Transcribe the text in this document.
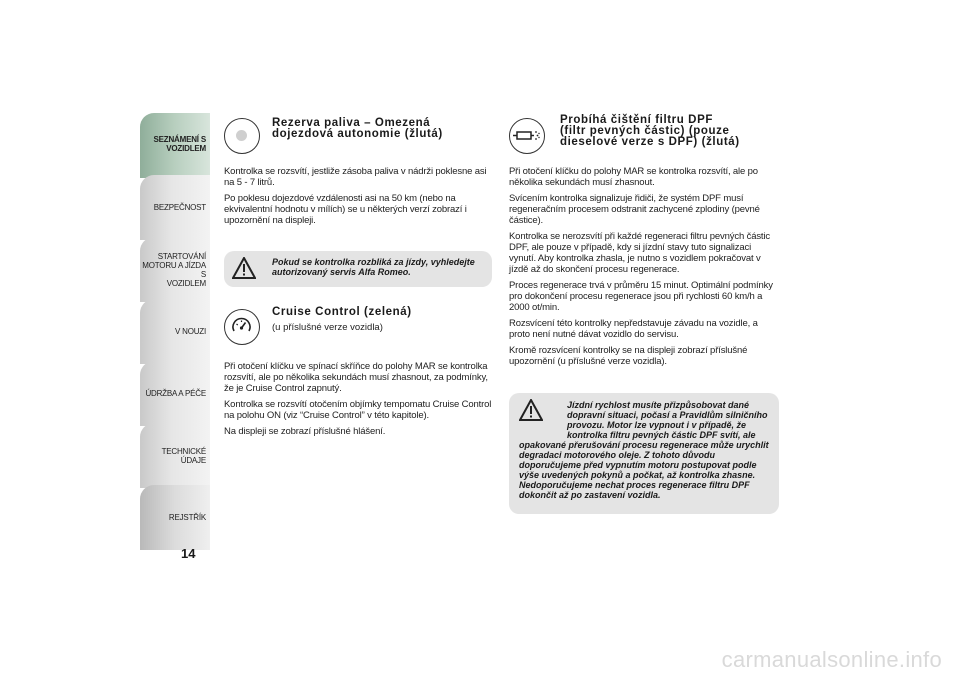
SEZNÁMENÍ S
VOZIDLEM
BEZPEČNOST
STARTOVÁNÍ
MOTORU A JÍZDA S
VOZIDLEM
V NOUZI
ÚDRŽBA A PÉČE
TECHNICKÉ ÚDAJE
REJSTŘÍK
14
Rezerva paliva – Omezená
dojezdová autonomie (žlutá)

Kontrolka se rozsvítí, jestliže zásoba paliva v nádrži poklesne asi na 5 - 7 litrů.

Po poklesu dojezdové vzdálenosti asi na 50 km (nebo na ekvivalentní hodnotu v mílích) se u některých verzí zobrazí i upozornění na displeji.

Pokud se kontrolka rozbliká za jízdy, vyhledejte autorizovaný servis Alfa Romeo.
Cruise Control (zelená)
(u příslušné verze vozidla)

Při otočení klíčku ve spínací skříňce do polohy MAR se kontrolka rozsvítí, ale po několika sekundách musí zhasnout, za podmínky, že je Cruise Control zapnutý.

Kontrolka se rozsvítí otočením objímky tempomatu Cruise Control na polohu ON (viz “Cruise Control” v této kapitole).

Na displeji se zobrazí příslušné hlášení.

Probíhá čištění filtru DPF
(filtr pevných částic) (pouze
dieselové verze s DPF) (žlutá)

Při otočení klíčku do polohy MAR se kontrolka rozsvítí, ale po několika sekundách musí zhasnout.

Svícením kontrolka signalizuje řidiči, že systém DPF musí regeneračním procesem odstranit zachycené zplodiny (pevné částice).

Kontrolka se nerozsvítí při každé regeneraci filtru pevných částic DPF, ale pouze v případě, kdy si jízdní stavy tuto signalizaci vynutí. Aby kontrolka zhasla, je nutno s vozidlem pokračovat v jízdě až do skončení procesu regenerace.

Proces regenerace trvá v průměru 15 minut. Optimální podmínky pro dokončení procesu regenerace jsou při rychlosti 60 km/h a 2000 ot/min.

Rozsvícení této kontrolky nepředstavuje závadu na vozidle, a proto není nutné dávat vozidlo do servisu.

Kromě rozsvícení kontrolky se na displeji zobrazí příslušné upozornění (u příslušné verze vozidla).

Jízdní rychlost musíte přizpůsobovat dané dopravní situaci, počasí a Pravidlům silničního provozu. Motor lze vypnout i v případě, že kontrolka filtru pevných částic DPF svítí, ale opakované přerušování procesu regenerace může urychlit degradaci motorového oleje. Z tohoto důvodu doporučujeme před vypnutím motoru postupovat podle výše uvedených pokynů a počkat, až kontrolka zhasne. Nedoporučujeme nechat proces regenerace filtru DPF dokončit až po zastavení vozidla.
carmanualsonline.info
